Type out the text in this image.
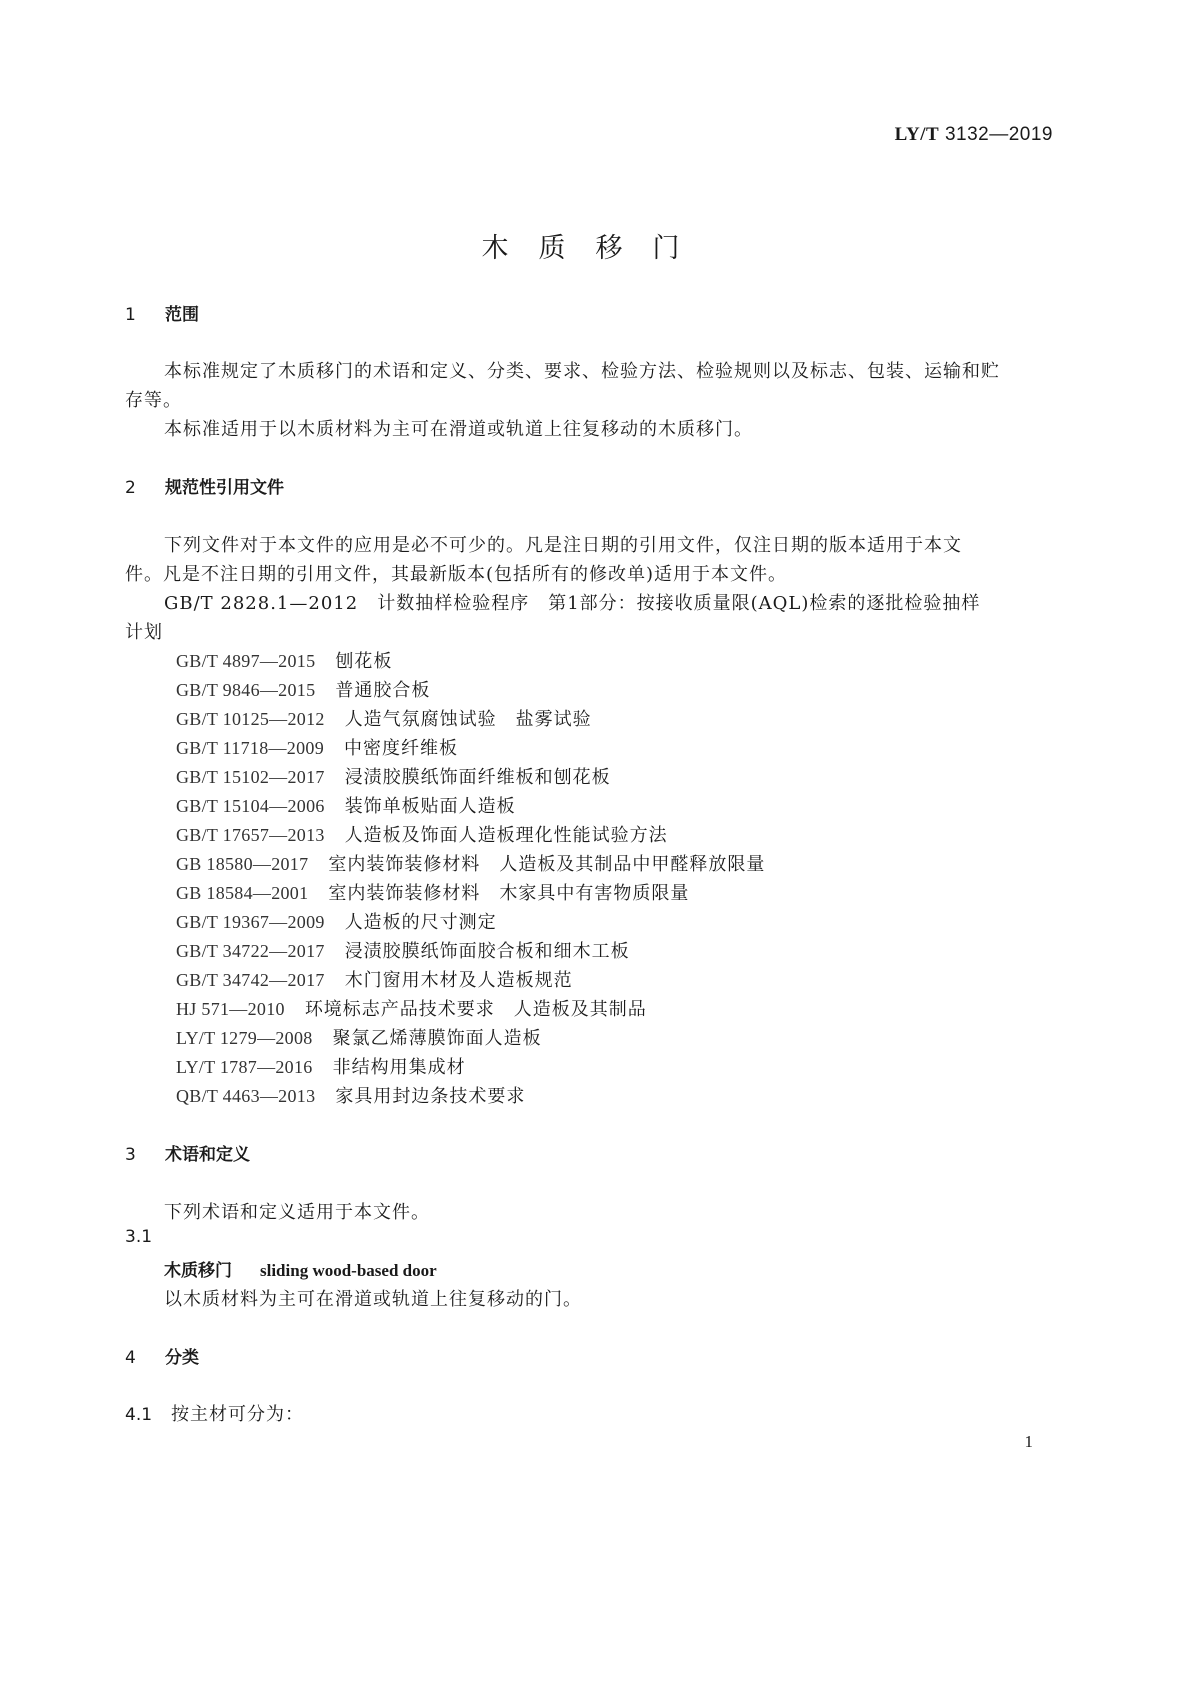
LY/T 3132—2019
木质移门
1 范围
本标准规定了木质移门的术语和定义、分类、要求、检验方法、检验规则以及标志、包装、运输和贮
存等。
本标准适用于以木质材料为主可在滑道或轨道上往复移动的木质移门。
2 规范性引用文件
下列文件对于本文件的应用是必不可少的。凡是注日期的引用文件，仅注日期的版本适用于本文
件。凡是不注日期的引用文件，其最新版本(包括所有的修改单)适用于本文件。
GB/T 2828.1—2012　计数抽样检验程序　第1部分：按接收质量限(AQL)检索的逐批检验抽样
计划
GB/T 4897—2015 刨花板
GB/T 9846—2015 普通胶合板
GB/T 10125—2012 人造气氛腐蚀试验　盐雾试验
GB/T 11718—2009 中密度纤维板
GB/T 15102—2017 浸渍胶膜纸饰面纤维板和刨花板
GB/T 15104—2006 装饰单板贴面人造板
GB/T 17657—2013 人造板及饰面人造板理化性能试验方法
GB 18580—2017 室内装饰装修材料　人造板及其制品中甲醛释放限量
GB 18584—2001 室内装饰装修材料　木家具中有害物质限量
GB/T 19367—2009 人造板的尺寸测定
GB/T 34722—2017 浸渍胶膜纸饰面胶合板和细木工板
GB/T 34742—2017 木门窗用木材及人造板规范
HJ 571—2010 环境标志产品技术要求　人造板及其制品
LY/T 1279—2008 聚氯乙烯薄膜饰面人造板
LY/T 1787—2016 非结构用集成材
QB/T 4463—2013 家具用封边条技术要求
3 术语和定义
下列术语和定义适用于本文件。
3.1
木质移门 sliding wood-based door
以木质材料为主可在滑道或轨道上往复移动的门。
4 分类
4.1 按主材可分为：
1
